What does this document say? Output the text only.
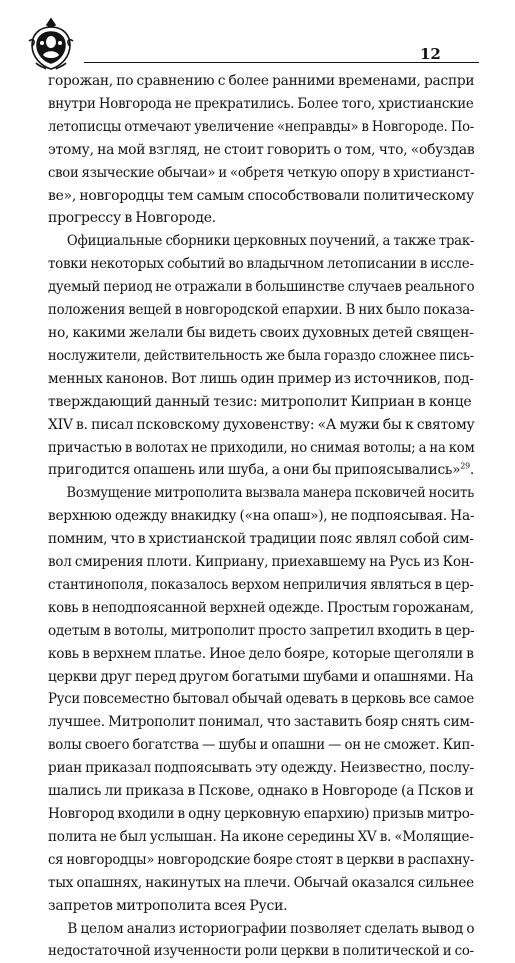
12
горожан, по сравнению с более ранними временами, распри
внутри Новгорода не прекратились. Более того, христианские
летописцы отмечают увеличение «неправды» в Новгороде. По-
этому, на мой взгляд, не стоит говорить о том, что, «обуздав
свои языческие обычаи» и «обретя четкую опору в христианст-
ве», новгородцы тем самым способствовали политическому
прогрессу в Новгороде.
Официальные сборники церковных поучений, а также трак-
товки некоторых событий во владычном летописании в иссле-
дуемый период не отражали в большинстве случаев реального
положения вещей в новгородской епархии. В них было показа-
но, какими желали бы видеть своих духовных детей священ-
нослужители, действительность же была гораздо сложнее пись-
менных канонов. Вот лишь один пример из источников, под-
тверждающий данный тезис: митрополит Киприан в конце
XIV в. писал псковскому духовенству: «А мужи бы к святому
причастью в волотах не приходили, но снимая вотолы; а на ком
пригодится опашень или шуба, а они бы припоясывались»$^{29}$.
Возмущение митрополита вызвала манера псковичей носить
верхнюю одежду внакидку («на опаш»), не подпоясывая. На-
помним, что в христианской традиции пояс являл собой сим-
вол смирения плоти. Киприану, приехавшему на Русь из Кон-
стантинополя, показалось верхом неприличия являться в цер-
ковь в неподпоясанной верхней одежде. Простым горожанам,
одетым в вотолы, митрополит просто запретил входить в цер-
ковь в верхнем платье. Иное дело бояре, которые щеголяли в
церкви друг перед другом богатыми шубами и опашнями. На
Руси повсеместно бытовал обычай одевать в церковь все самое
лучшее. Митрополит понимал, что заставить бояр снять сим-
волы своего богатства — шубы и опашни — он не сможет. Кип-
риан приказал подпоясывать эту одежду. Неизвестно, послу-
шались ли приказа в Пскове, однако в Новгороде (а Псков и
Новгород входили в одну церковную епархию) призыв митро-
полита не был услышан. На иконе середины XV в. «Молящие-
ся новгородцы» новгородские бояре стоят в церкви в распахну-
тых опашнях, накинутых на плечи. Обычай оказался сильнее
запретов митрополита всея Руси.
В целом анализ историографии позволяет сделать вывод о
недостаточной изученности роли церкви в политической и со-
